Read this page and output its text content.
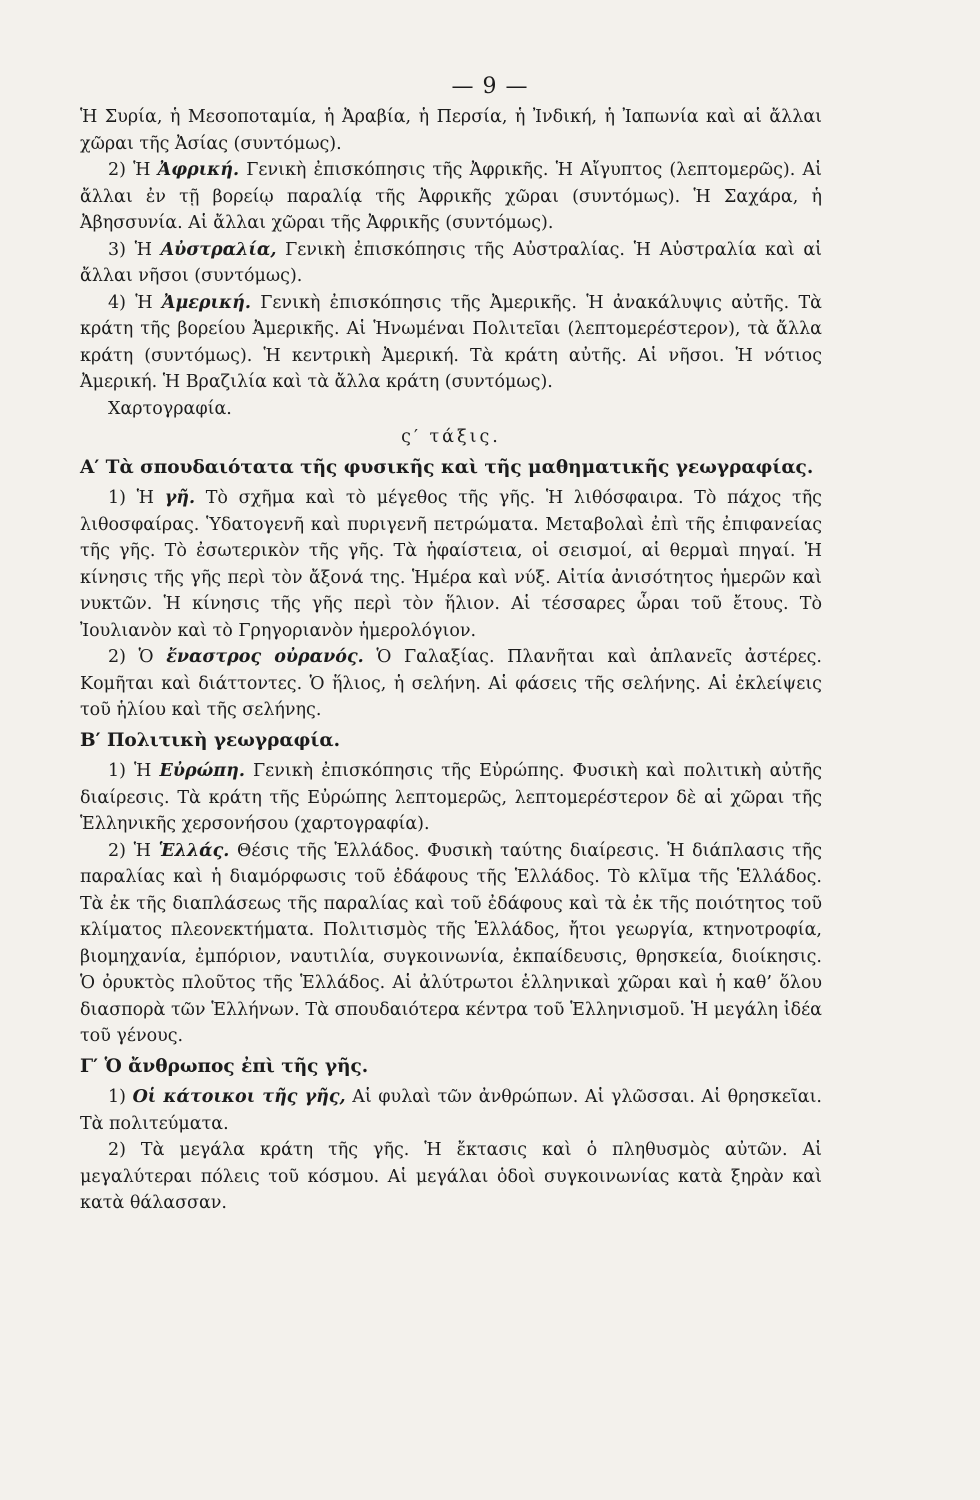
— 9 —

Ἡ Συρία, ἡ Μεσοποταμία, ἡ Ἀραβία, ἡ Περσία, ἡ Ἰνδική, ἡ Ἰαπωνία καὶ αἱ ἄλλαι χῶραι τῆς Ἀσίας (συντόμως).

2) Ἡ Ἀφρική. Γενικὴ ἐπισκόπησις τῆς Ἀφρικῆς. Ἡ Αἴγυπτος (λεπτομερῶς). Αἱ ἄλλαι ἐν τῇ βορείῳ παραλίᾳ τῆς Ἀφρικῆς χῶραι (συντόμως). Ἡ Σαχάρα, ἡ Ἀβησσυνία. Αἱ ἄλλαι χῶραι τῆς Ἀφρικῆς (συντόμως).

3) Ἡ Αὐστραλία, Γενικὴ ἐπισκόπησις τῆς Αὐστραλίας. Ἡ Αὐστραλία καὶ αἱ ἄλλαι νῆσοι (συντόμως).

4) Ἡ Ἀμερική. Γενικὴ ἐπισκόπησις τῆς Ἀμερικῆς. Ἡ ἀνακάλυψις αὐτῆς. Τὰ κράτη τῆς βορείου Ἀμερικῆς. Αἱ Ἡνωμέναι Πολιτεῖαι (λεπτομερέστερον), τὰ ἄλλα κράτη (συντόμως). Ἡ κεντρικὴ Ἀμερική. Τὰ κράτη αὐτῆς. Αἱ νῆσοι. Ἡ νότιος Ἀμερική. Ἡ Βραζιλία καὶ τὰ ἄλλα κράτη (συντόμως).

Χαρτογραφία.

ς′ τάξις.

Α′ Τὰ σπουδαιότατα τῆς φυσικῆς καὶ τῆς μαθηματικῆς γεωγραφίας.

1) Ἡ γῆ. Τὸ σχῆμα καὶ τὸ μέγεθος τῆς γῆς. Ἡ λιθόσφαιρα. Τὸ πάχος τῆς λιθοσφαίρας. Ὑδατογενῆ καὶ πυριγενῆ πετρώματα. Μεταβολαὶ ἐπὶ τῆς ἐπιφανείας τῆς γῆς. Τὸ ἐσωτερικὸν τῆς γῆς. Τὰ ἡφαίστεια, οἱ σεισμοί, αἱ θερμαὶ πηγαί. Ἡ κίνησις τῆς γῆς περὶ τὸν ἄξονά της. Ἡμέρα καὶ νύξ. Αἰτία ἀνισότητος ἡμερῶν καὶ νυκτῶν. Ἡ κίνησις τῆς γῆς περὶ τὸν ἥλιον. Αἱ τέσσαρες ὧραι τοῦ ἔτους. Τὸ Ἰουλιανὸν καὶ τὸ Γρηγοριανὸν ἡμερολόγιον.

2) Ὁ ἔναστρος οὐρανός. Ὁ Γαλαξίας. Πλανῆται καὶ ἀπλανεῖς ἀστέρες. Κομῆται καὶ διάττοντες. Ὁ ἥλιος, ἡ σελήνη. Αἱ φάσεις τῆς σελήνης. Αἱ ἐκλείψεις τοῦ ἡλίου καὶ τῆς σελήνης.

Β′ Πολιτικὴ γεωγραφία.

1) Ἡ Εὐρώπη. Γενικὴ ἐπισκόπησις τῆς Εὐρώπης. Φυσικὴ καὶ πολιτικὴ αὐτῆς διαίρεσις. Τὰ κράτη τῆς Εὐρώπης λεπτομερῶς, λεπτομερέστερον δὲ αἱ χῶραι τῆς Ἑλληνικῆς χερσονήσου (χαρτογραφία).

2) Ἡ Ἑλλάς. Θέσις τῆς Ἑλλάδος. Φυσικὴ ταύτης διαίρεσις. Ἡ διάπλασις τῆς παραλίας καὶ ἡ διαμόρφωσις τοῦ ἐδάφους τῆς Ἑλλάδος. Τὸ κλῖμα τῆς Ἑλλάδος. Τὰ ἐκ τῆς διαπλάσεως τῆς παραλίας καὶ τοῦ ἐδάφους καὶ τὰ ἐκ τῆς ποιότητος τοῦ κλίματος πλεονεκτήματα. Πολιτισμὸς τῆς Ἑλλάδος, ἤτοι γεωργία, κτηνοτροφία, βιομηχανία, ἐμπόριον, ναυτιλία, συγκοινωνία, ἐκπαίδευσις, θρησκεία, διοίκησις. Ὁ ὀρυκτὸς πλοῦτος τῆς Ἑλλάδος. Αἱ ἀλύτρωτοι ἑλληνικαὶ χῶραι καὶ ἡ καθ’ ὅλου διασπορὰ τῶν Ἑλλήνων. Τὰ σπουδαιότερα κέντρα τοῦ Ἑλληνισμοῦ. Ἡ μεγάλη ἰδέα τοῦ γένους.

Γ′ Ὁ ἄνθρωπος ἐπὶ τῆς γῆς.

1) Οἱ κάτοικοι τῆς γῆς, Αἱ φυλαὶ τῶν ἀνθρώπων. Αἱ γλῶσσαι. Αἱ θρησκεῖαι. Τὰ πολιτεύματα.

2) Τὰ μεγάλα κράτη τῆς γῆς. Ἡ ἔκτασις καὶ ὁ πληθυσμὸς αὐτῶν. Αἱ μεγαλύτεραι πόλεις τοῦ κόσμου. Αἱ μεγάλαι ὁδοὶ συγκοινωνίας κατὰ ξηρὰν καὶ κατὰ θάλασσαν.
